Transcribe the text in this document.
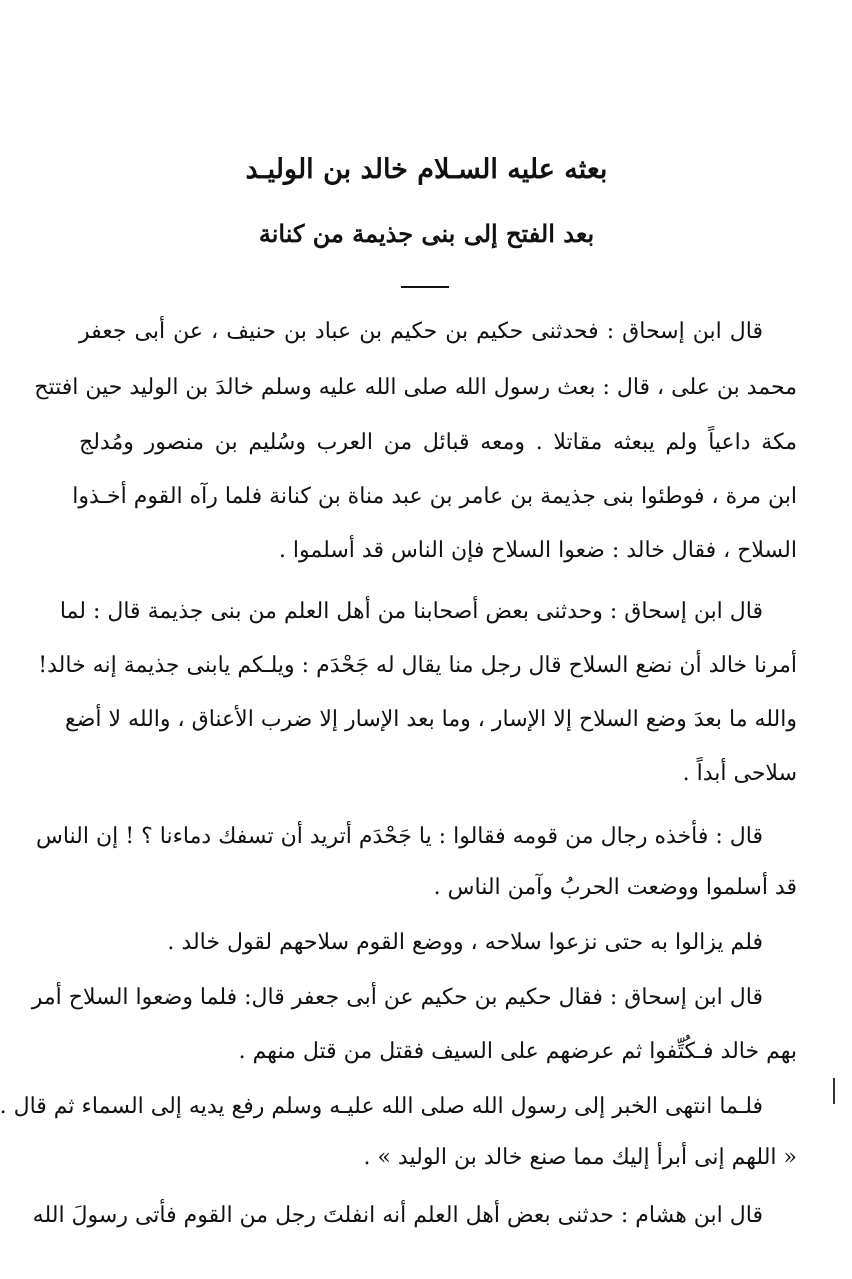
بعثه عليه السـلام خالد بن الوليـد
بعد الفتح إلى بنى جذيمة من كنانة
قال ابن إسحاق : فحدثنى حكيم بن حكيم بن عباد بن حنيف ، عن أبى جعفر
محمد بن على ، قال : بعث رسول الله صلى الله عليه وسلم خالدَ بن الوليد حين افتتح
مكة داعياً ولم يبعثه مقاتلا . ومعه قبائل من العرب وسُليم بن منصور ومُدلج
ابن مرة ، فوطئوا بنى جذيمة بن عامر بن عبد مناة بن كنانة فلما رآه القوم أخـذوا
السلاح ، فقال خالد : ضعوا السلاح فإن الناس قد أسلموا .
قال ابن إسحاق : وحدثنى بعض أصحابنا من أهل العلم من بنى جذيمة قال : لما
أمرنا خالد أن نضع السلاح قال رجل منا يقال له جَحْدَم : ويلـكم يابنى جذيمة إنه خالد!
والله ما بعدَ وضع السلاح إلا الإسار ، وما بعد الإسار إلا ضرب الأعناق ، والله لا أضع
سلاحى أبداً .
قال : فأخذه رجال من قومه فقالوا : يا جَحْدَم أتريد أن تسفك دماءنا ؟ ! إن الناس
قد أسلموا ووضعت الحربُ وآمن الناس .
فلم يزالوا به حتى نزعوا سلاحه ، ووضع القوم سلاحهم لقول خالد .
قال ابن إسحاق : فقال حكيم بن حكيم عن أبى جعفر قال: فلما وضعوا السلاح أمر
بهم خالد فـكُتِّفوا ثم عرضهم على السيف فقتل من قتل منهم .
فلـما انتهى الخبر إلى رسول الله صلى الله عليـه وسلم رفع يديه إلى السماء ثم قال .
« اللهم إنى أبرأ إليك مما صنع خالد بن الوليد » .
قال ابن هشام : حدثنى بعض أهل العلم أنه انفلتَ رجل من القوم فأتى رسولَ الله
